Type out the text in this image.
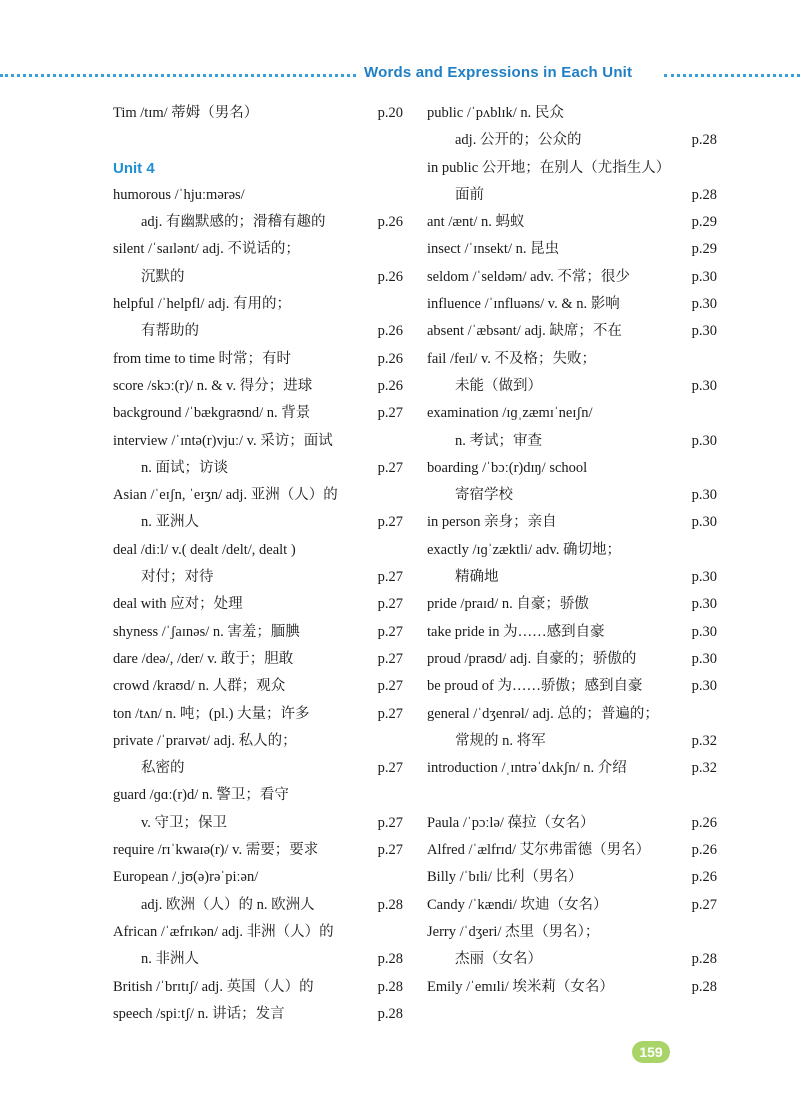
Words and Expressions in Each Unit
Tim /tɪm/ 蒂姆（男名）	p.20
Unit 4
humorous /ˈhjuːmərəs/
adj. 有幽默感的；滑稽有趣的	p.26
silent /ˈsaɪlənt/ adj. 不说话的；
沉默的	p.26
helpful /ˈhelpfl/ adj. 有用的；
有帮助的	p.26
from time to time 时常；有时	p.26
score /skɔː(r)/ n. & v. 得分；进球	p.26
background /ˈbækɡraʊnd/ n. 背景	p.27
interview /ˈɪntə(r)vjuː/ v. 采访；面试
n. 面试；访谈	p.27
Asian /ˈeɪʃn, ˈeɪʒn/ adj. 亚洲（人）的
n. 亚洲人	p.27
deal /diːl/ v.( dealt /delt/, dealt )
对付；对待	p.27
deal with 应对；处理	p.27
shyness /ˈʃaɪnəs/ n. 害羞；腼腆	p.27
dare /deə/, /der/ v. 敢于；胆敢	p.27
crowd /kraʊd/ n. 人群；观众	p.27
ton /tʌn/ n. 吨；(pl.) 大量；许多	p.27
private /ˈpraɪvət/ adj. 私人的；
私密的	p.27
guard /ɡɑː(r)d/ n. 警卫；看守
v. 守卫；保卫	p.27
require /rɪˈkwaɪə(r)/ v. 需要；要求	p.27
European /ˌjʊ(ə)rəˈpiːən/
adj. 欧洲（人）的 n. 欧洲人	p.28
African /ˈæfrɪkən/ adj. 非洲（人）的
n. 非洲人	p.28
British /ˈbrɪtɪʃ/ adj. 英国（人）的	p.28
speech /spiːtʃ/ n. 讲话；发言	p.28
public /ˈpʌblɪk/ n. 民众
adj. 公开的；公众的	p.28
in public 公开地；在别人（尤指生人）
面前	p.28
ant /ænt/ n. 蚂蚁	p.29
insect /ˈɪnsekt/ n. 昆虫	p.29
seldom /ˈseldəm/ adv. 不常；很少	p.30
influence /ˈɪnfluəns/ v. & n. 影响	p.30
absent /ˈæbsənt/ adj. 缺席；不在	p.30
fail /feɪl/ v. 不及格；失败；
未能（做到）	p.30
examination /ɪɡˌzæmɪˈneɪʃn/
n. 考试；审查	p.30
boarding /ˈbɔː(r)dɪŋ/ school
寄宿学校	p.30
in person 亲身；亲自	p.30
exactly /ɪɡˈzæktli/ adv. 确切地；
精确地	p.30
pride /praɪd/ n. 自豪；骄傲	p.30
take pride in 为……感到自豪	p.30
proud /praʊd/ adj. 自豪的；骄傲的	p.30
be proud of 为……骄傲；感到自豪	p.30
general /ˈdʒenrəl/ adj. 总的；普遍的；
常规的 n. 将军	p.32
introduction /ˌɪntrəˈdʌkʃn/ n. 介绍	p.32
Paula /ˈpɔːlə/ 葆拉（女名）	p.26
Alfred /ˈælfrɪd/ 艾尔弗雷德（男名）	p.26
Billy /ˈbɪli/ 比利（男名）	p.26
Candy /ˈkændi/ 坎迪（女名）	p.27
Jerry /ˈdʒeri/ 杰里（男名）；
杰丽（女名）	p.28
Emily /ˈemɪli/ 埃米莉（女名）	p.28
159
